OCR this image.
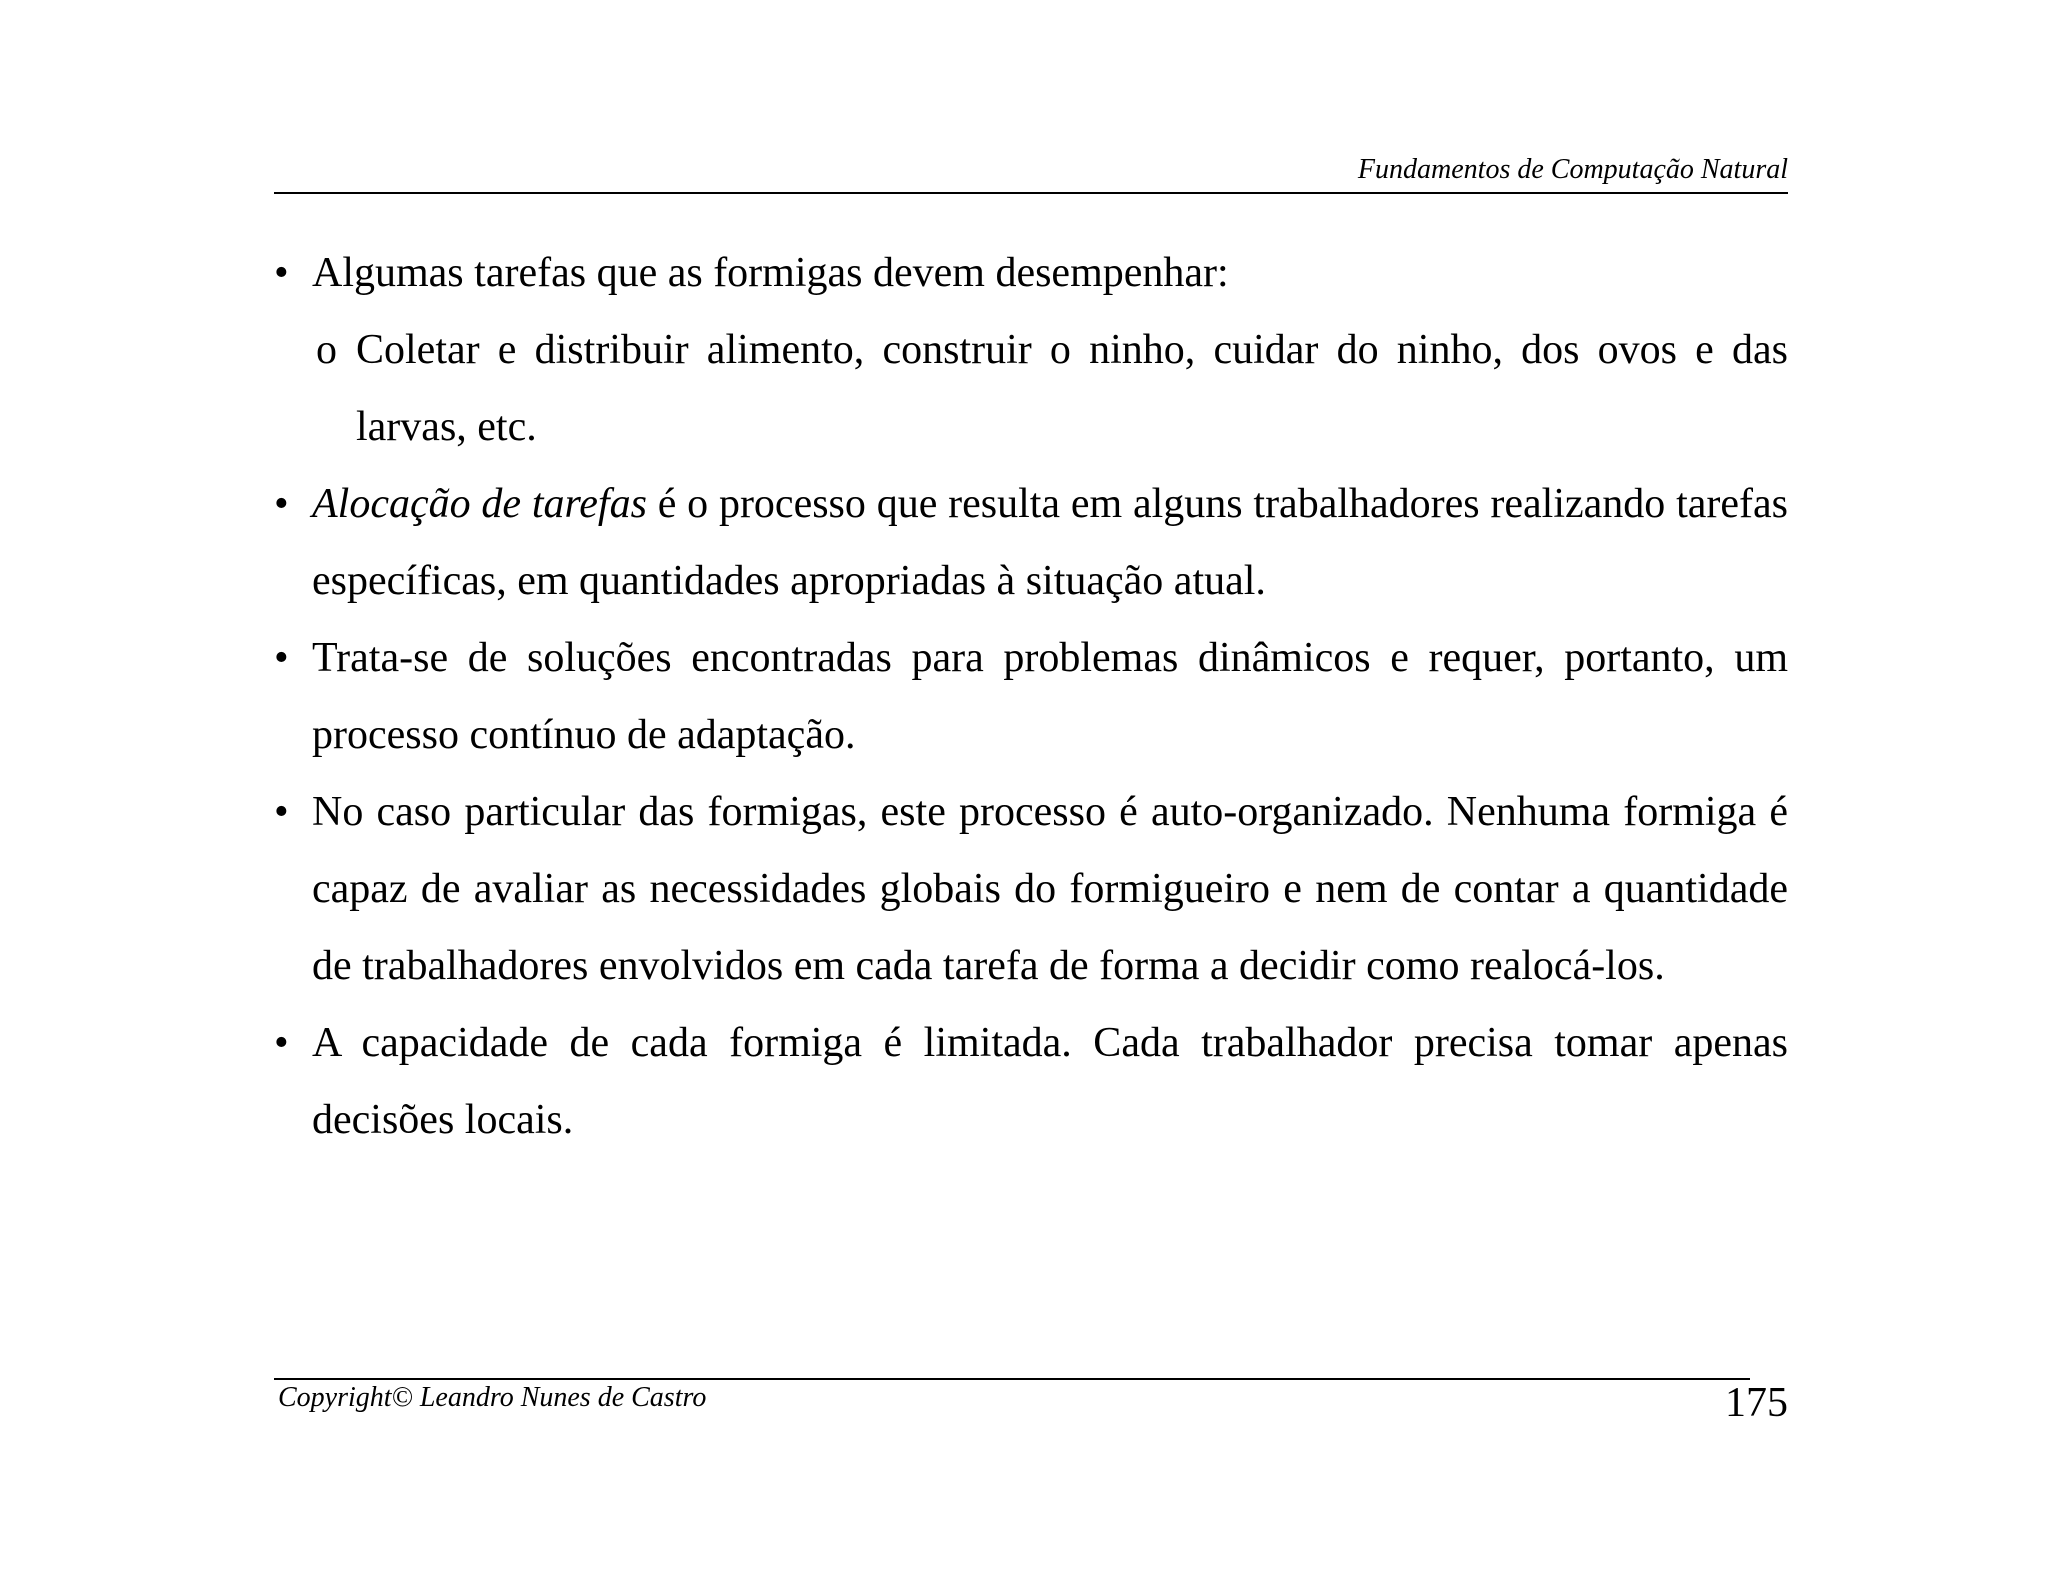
Fundamentos de Computação Natural

• Algumas tarefas que as formigas devem desempenhar:

o Coletar e distribuir alimento, construir o ninho, cuidar do ninho, dos ovos e das larvas, etc.

• Alocação de tarefas é o processo que resulta em alguns trabalhadores realizando tarefas específicas, em quantidades apropriadas à situação atual.

• Trata-se de soluções encontradas para problemas dinâmicos e requer, portanto, um processo contínuo de adaptação.

• No caso particular das formigas, este processo é auto-organizado. Nenhuma formiga é capaz de avaliar as necessidades globais do formigueiro e nem de contar a quantidade de trabalhadores envolvidos em cada tarefa de forma a decidir como realocá-los.

• A capacidade de cada formiga é limitada. Cada trabalhador precisa tomar apenas decisões locais.

Copyright© Leandro Nunes de Castro	175
